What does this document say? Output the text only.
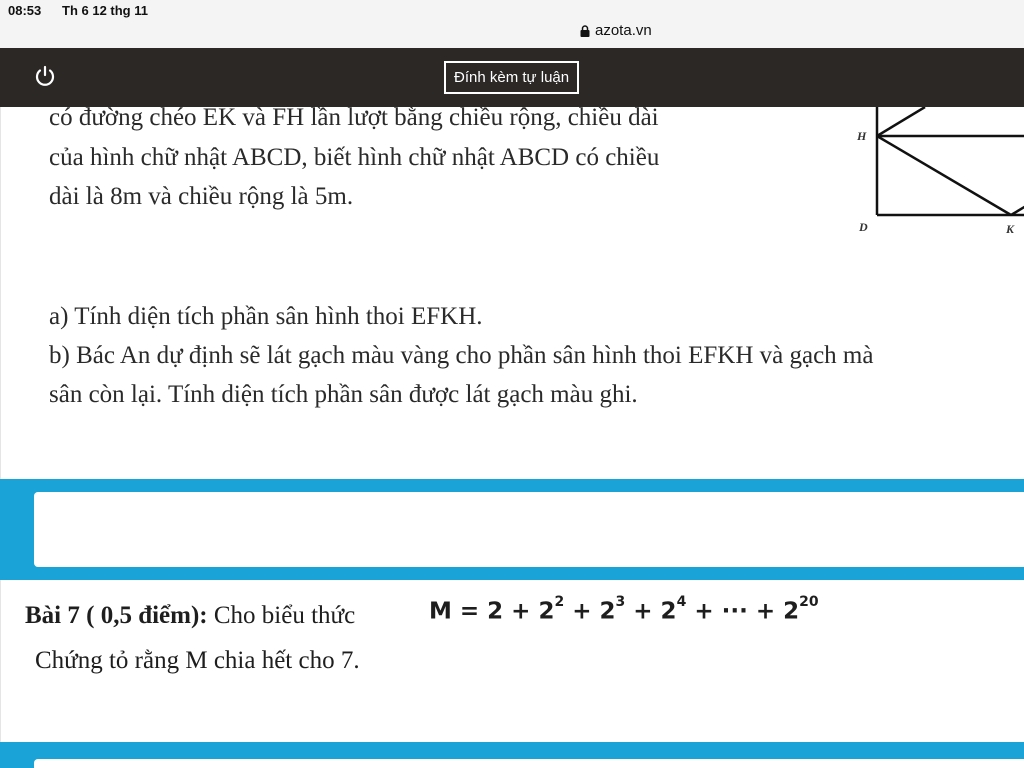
08:53 Th 6 12 thg 11
azota.vn
Đính kèm tự luận
có đường chéo EK và FH lần lượt bằng chiều rộng, chiều dài
của hình chữ nhật ABCD, biết hình chữ nhật ABCD có chiều
dài là 8m và chiều rộng là 5m.
H
D	K
a) Tính diện tích phần sân hình thoi EFKH.
b) Bác An dự định sẽ lát gạch màu vàng cho phần sân hình thoi EFKH và gạch mà
sân còn lại. Tính diện tích phần sân được lát gạch màu ghi.
Bài 7 ( 0,5 điểm): Cho biểu thức	$M = 2 + 2^2 + 2^3 + 2^4$ + ··· + $2^{20}$
Chứng tỏ rằng M chia hết cho 7.
